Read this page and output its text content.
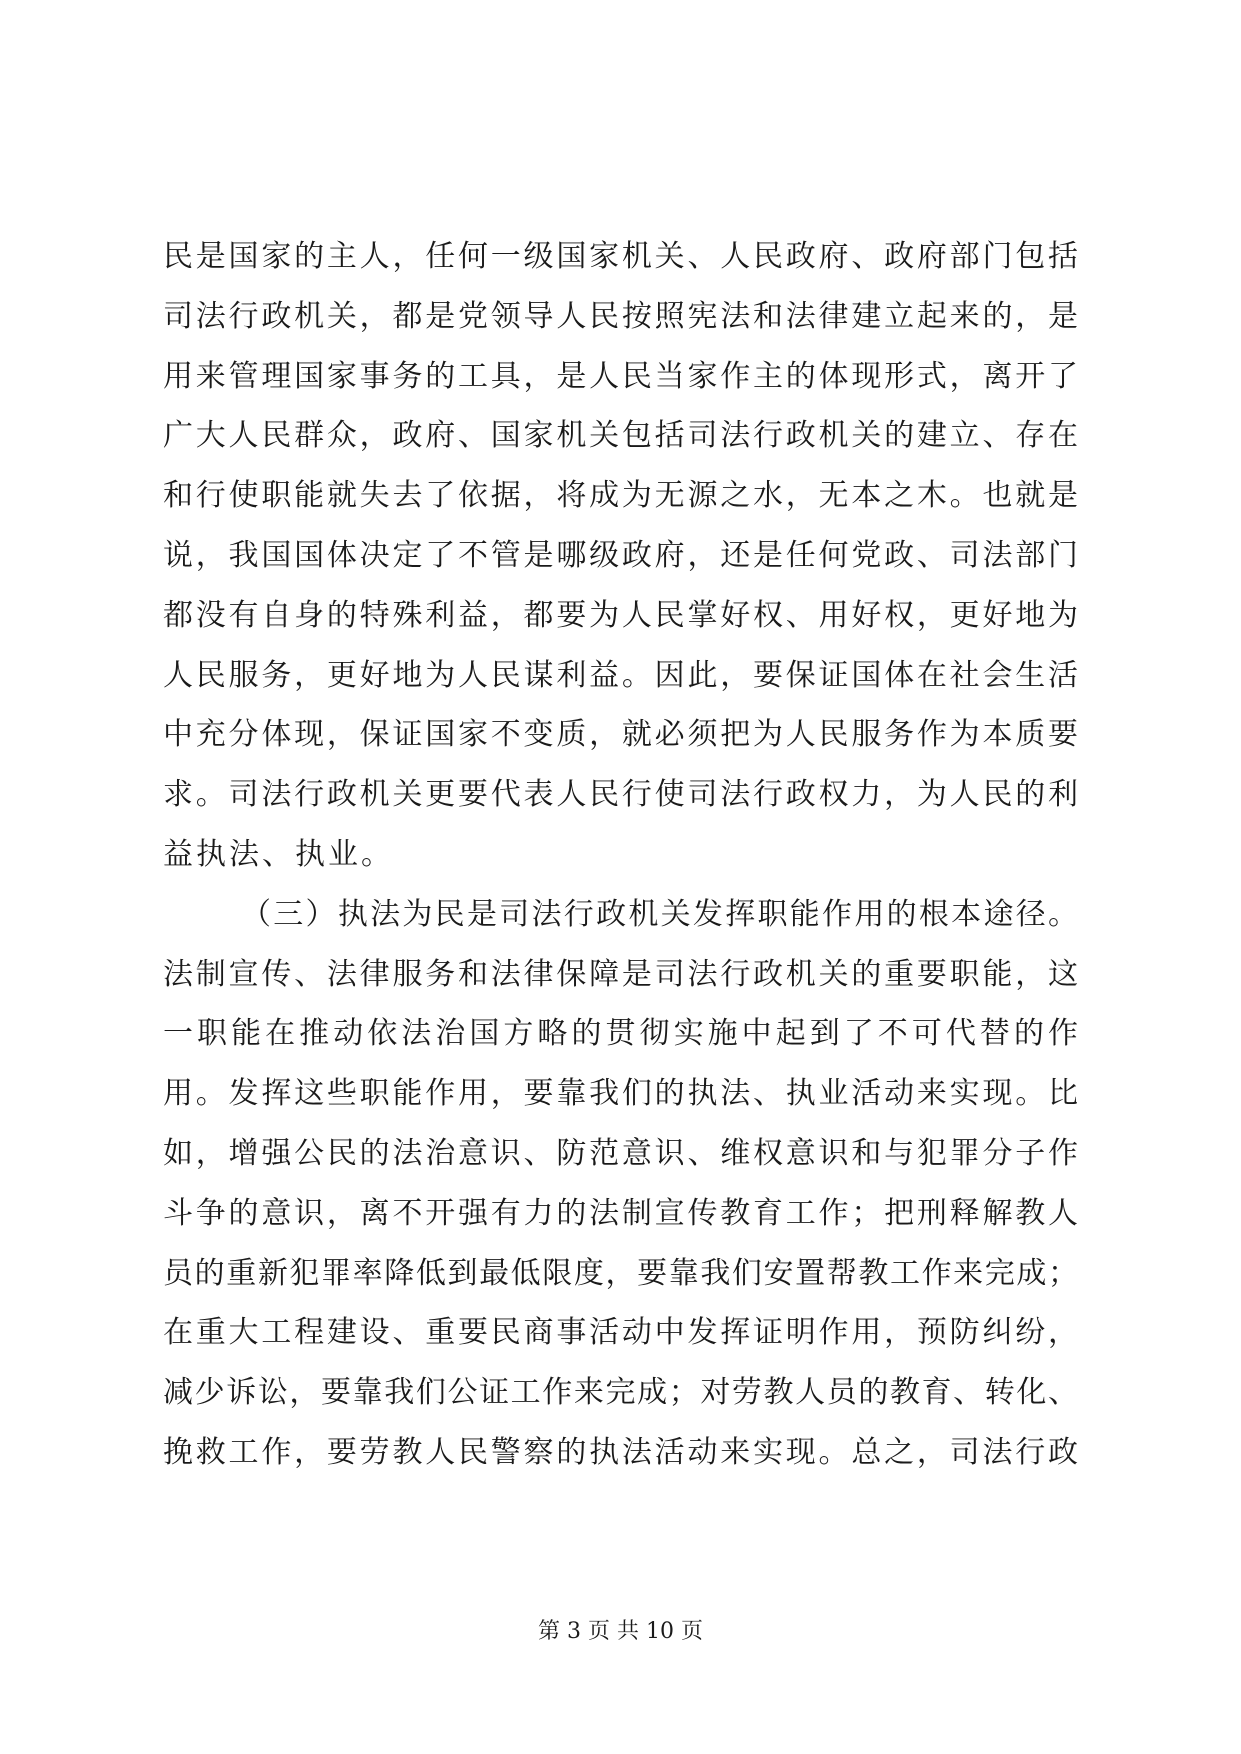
民是国家的主人，任何一级国家机关、人民政府、政府部门包括
司法行政机关，都是党领导人民按照宪法和法律建立起来的，是
用来管理国家事务的工具，是人民当家作主的体现形式，离开了
广大人民群众，政府、国家机关包括司法行政机关的建立、存在
和行使职能就失去了依据，将成为无源之水，无本之木。也就是
说，我国国体决定了不管是哪级政府，还是任何党政、司法部门
都没有自身的特殊利益，都要为人民掌好权、用好权，更好地为
人民服务，更好地为人民谋利益。因此，要保证国体在社会生活
中充分体现，保证国家不变质，就必须把为人民服务作为本质要
求。司法行政机关更要代表人民行使司法行政权力，为人民的利
益执法、执业。
（三）执法为民是司法行政机关发挥职能作用的根本途径。
法制宣传、法律服务和法律保障是司法行政机关的重要职能，这
一职能在推动依法治国方略的贯彻实施中起到了不可代替的作
用。发挥这些职能作用，要靠我们的执法、执业活动来实现。比
如，增强公民的法治意识、防范意识、维权意识和与犯罪分子作
斗争的意识，离不开强有力的法制宣传教育工作；把刑释解教人
员的重新犯罪率降低到最低限度，要靠我们安置帮教工作来完成；
在重大工程建设、重要民商事活动中发挥证明作用，预防纠纷，
减少诉讼，要靠我们公证工作来完成；对劳教人员的教育、转化、
挽救工作，要劳教人民警察的执法活动来实现。总之，司法行政
第 3 页 共 10 页
